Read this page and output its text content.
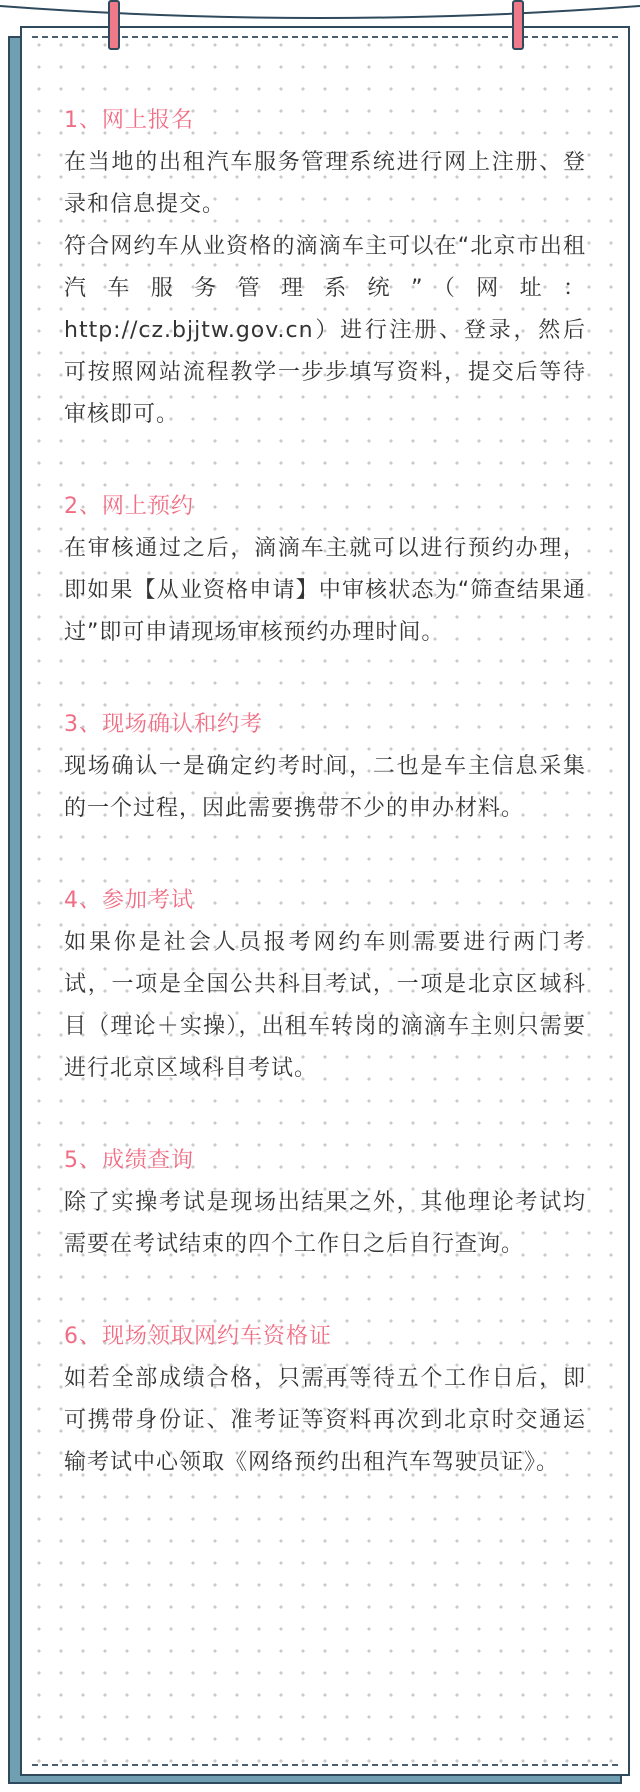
1、网上报名

在当地的出租汽车服务管理系统进行网上注册、登录和信息提交。

符合网约车从业资格的滴滴车主可以在“北京市出租汽车服务管理系统”（网址：http://cz.bjjtw.gov.cn）进行注册、登录，然后可按照网站流程教学一步步填写资料，提交后等待审核即可。

2、网上预约

在审核通过之后，滴滴车主就可以进行预约办理，即如果【从业资格申请】中审核状态为“筛查结果通过”即可申请现场审核预约办理时间。

3、现场确认和约考

现场确认一是确定约考时间，二也是车主信息采集的一个过程，因此需要携带不少的申办材料。

4、参加考试

如果你是社会人员报考网约车则需要进行两门考试，一项是全国公共科目考试，一项是北京区域科目（理论＋实操），出租车转岗的滴滴车主则只需要进行北京区域科目考试。

5、成绩查询

除了实操考试是现场出结果之外，其他理论考试均需要在考试结束的四个工作日之后自行查询。

6、现场领取网约车资格证

如若全部成绩合格，只需再等待五个工作日后，即可携带身份证、准考证等资料再次到北京时交通运输考试中心领取《网络预约出租汽车驾驶员证》。
